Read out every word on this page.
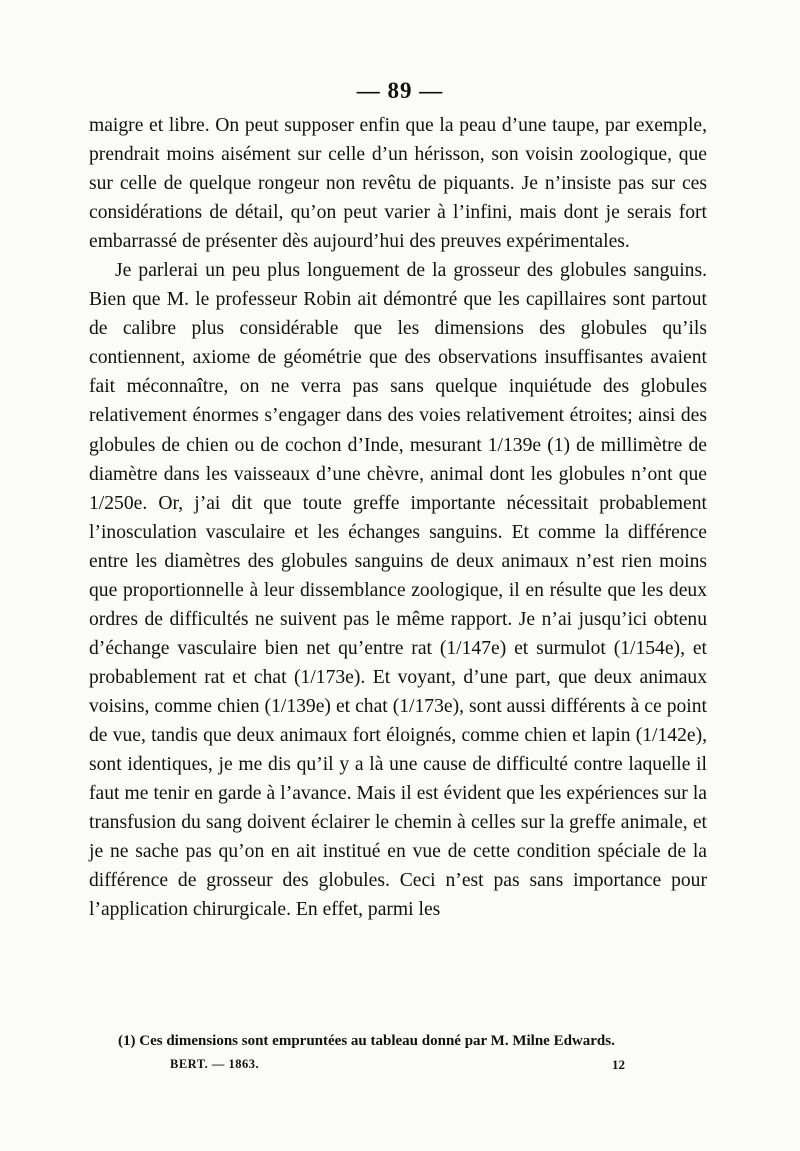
— 89 —

maigre et libre. On peut supposer enfin que la peau d’une taupe, par exemple, prendrait moins aisément sur celle d’un hérisson, son voisin zoologique, que sur celle de quelque rongeur non revêtu de piquants. Je n’insiste pas sur ces considérations de détail, qu’on peut varier à l’infini, mais dont je serais fort embarrassé de présenter dès aujourd’hui des preuves expérimentales.

Je parlerai un peu plus longuement de la grosseur des globules sanguins. Bien que M. le professeur Robin ait démontré que les capillaires sont partout de calibre plus considérable que les dimensions des globules qu’ils contiennent, axiome de géométrie que des observations insuffisantes avaient fait méconnaître, on ne verra pas sans quelque inquiétude des globules relativement énormes s’engager dans des voies relativement étroites; ainsi des globules de chien ou de cochon d’Inde, mesurant 1/139e (1) de millimètre de diamètre dans les vaisseaux d’une chèvre, animal dont les globules n’ont que 1/250e. Or, j’ai dit que toute greffe importante nécessitait probablement l’inosculation vasculaire et les échanges sanguins. Et comme la différence entre les diamètres des globules sanguins de deux animaux n’est rien moins que proportionnelle à leur dissemblance zoologique, il en résulte que les deux ordres de difficultés ne suivent pas le même rapport. Je n’ai jusqu’ici obtenu d’échange vasculaire bien net qu’entre rat (1/147e) et surmulot (1/154e), et probablement rat et chat (1/173e). Et voyant, d’une part, que deux animaux voisins, comme chien (1/139e) et chat (1/173e), sont aussi différents à ce point de vue, tandis que deux animaux fort éloignés, comme chien et lapin (1/142e), sont identiques, je me dis qu’il y a là une cause de difficulté contre laquelle il faut me tenir en garde à l’avance. Mais il est évident que les expériences sur la transfusion du sang doivent éclairer le chemin à celles sur la greffe animale, et je ne sache pas qu’on en ait institué en vue de cette condition spéciale de la différence de grosseur des globules. Ceci n’est pas sans importance pour l’application chirurgicale. En effet, parmi les

(1) Ces dimensions sont empruntées au tableau donné par M. Milne Edwards.
BERT. — 1863.	12
